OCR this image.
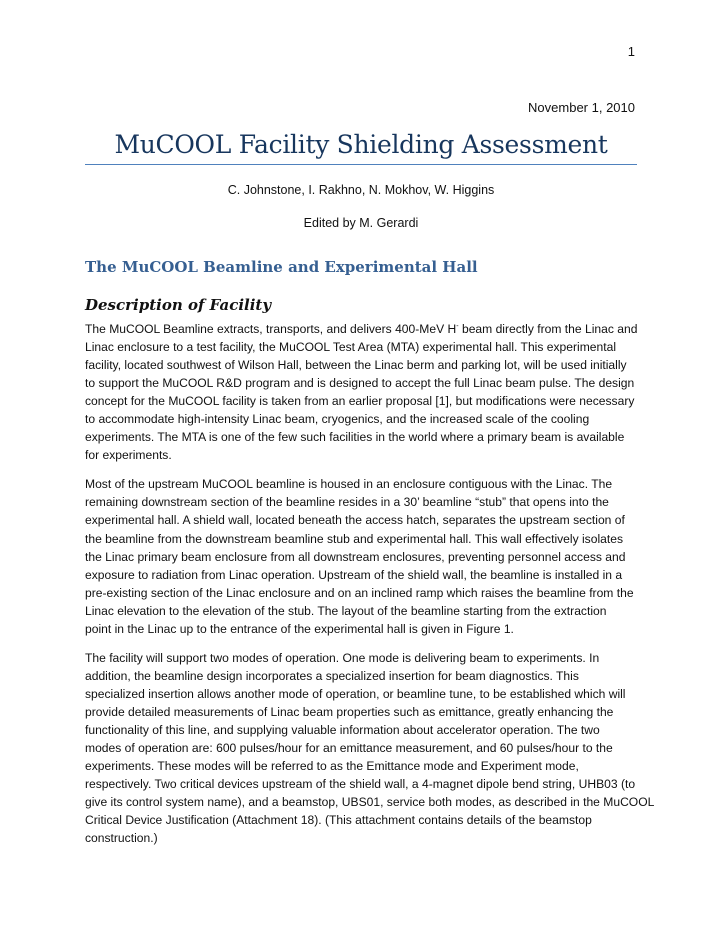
1
November 1, 2010
MuCOOL Facility Shielding Assessment
C. Johnstone, I. Rakhno, N. Mokhov, W. Higgins
Edited by M. Gerardi
The MuCOOL Beamline and Experimental Hall
Description of Facility

The MuCOOL Beamline extracts, transports, and delivers 400-MeV H- beam directly from the Linac and
Linac enclosure to a test facility, the MuCOOL Test Area (MTA) experimental hall. This experimental
facility, located southwest of Wilson Hall, between the Linac berm and parking lot, will be used initially
to support the MuCOOL R&D program and is designed to accept the full Linac beam pulse. The design
concept for the MuCOOL facility is taken from an earlier proposal [1], but modifications were necessary
to accommodate high-intensity Linac beam, cryogenics, and the increased scale of the cooling
experiments. The MTA is one of the few such facilities in the world where a primary beam is available
for experiments.

Most of the upstream MuCOOL beamline is housed in an enclosure contiguous with the Linac. The
remaining downstream section of the beamline resides in a 30’ beamline “stub” that opens into the
experimental hall. A shield wall, located beneath the access hatch, separates the upstream section of
the beamline from the downstream beamline stub and experimental hall. This wall effectively isolates
the Linac primary beam enclosure from all downstream enclosures, preventing personnel access and
exposure to radiation from Linac operation. Upstream of the shield wall, the beamline is installed in a
pre-existing section of the Linac enclosure and on an inclined ramp which raises the beamline from the
Linac elevation to the elevation of the stub. The layout of the beamline starting from the extraction
point in the Linac up to the entrance of the experimental hall is given in Figure 1.

The facility will support two modes of operation. One mode is delivering beam to experiments. In
addition, the beamline design incorporates a specialized insertion for beam diagnostics. This
specialized insertion allows another mode of operation, or beamline tune, to be established which will
provide detailed measurements of Linac beam properties such as emittance, greatly enhancing the
functionality of this line, and supplying valuable information about accelerator operation. The two
modes of operation are: 600 pulses/hour for an emittance measurement, and 60 pulses/hour to the
experiments. These modes will be referred to as the Emittance mode and Experiment mode,
respectively. Two critical devices upstream of the shield wall, a 4-magnet dipole bend string, UHB03 (to
give its control system name), and a beamstop, UBS01, service both modes, as described in the MuCOOL
Critical Device Justification (Attachment 18). (This attachment contains details of the beamstop
construction.)
